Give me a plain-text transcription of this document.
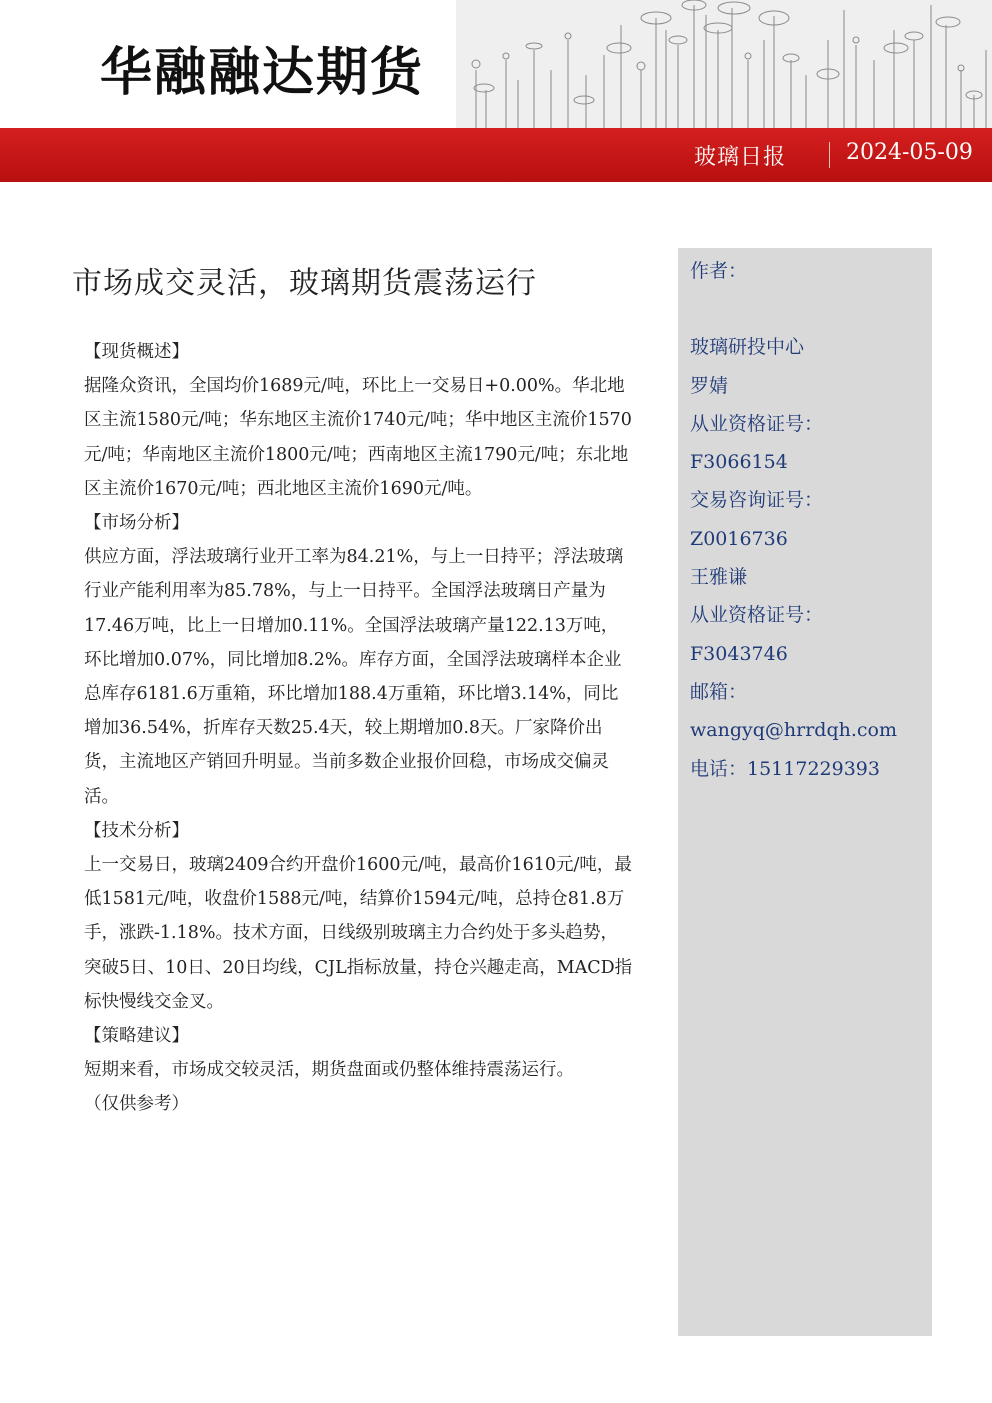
华融融达期货
玻璃日报	2024-05-09
市场成交灵活，玻璃期货震荡运行

【现货概述】

据隆众资讯，全国均价1689元/吨，环比上一交易日+0.00%。华北地区主流1580元/吨；华东地区主流价1740元/吨；华中地区主流价1570元/吨；华南地区主流价1800元/吨；西南地区主流1790元/吨；东北地区主流价1670元/吨；西北地区主流价1690元/吨。

【市场分析】

供应方面，浮法玻璃行业开工率为84.21%，与上一日持平；浮法玻璃行业产能利用率为85.78%，与上一日持平。全国浮法玻璃日产量为17.46万吨，比上一日增加0.11%。全国浮法玻璃产量122.13万吨，环比增加0.07%，同比增加8.2%。库存方面，全国浮法玻璃样本企业总库存6181.6万重箱，环比增加188.4万重箱，环比增3.14%，同比增加36.54%，折库存天数25.4天，较上期增加0.8天。厂家降价出货，主流地区产销回升明显。当前多数企业报价回稳，市场成交偏灵活。

【技术分析】

上一交易日，玻璃2409合约开盘价1600元/吨，最高价1610元/吨，最低1581元/吨，收盘价1588元/吨，结算价1594元/吨，总持仓81.8万手，涨跌-1.18%。技术方面，日线级别玻璃主力合约处于多头趋势，突破5日、10日、20日均线，CJL指标放量，持仓兴趣走高，MACD指标快慢线交金叉。

【策略建议】

短期来看，市场成交较灵活，期货盘面或仍整体维持震荡运行。

（仅供参考）

作者：
玻璃研投中心
罗婧
从业资格证号：
F3066154
交易咨询证号：
Z0016736
王雅谦
从业资格证号：
F3043746
邮箱：
wangyq@hrrdqh.com
电话：15117229393
